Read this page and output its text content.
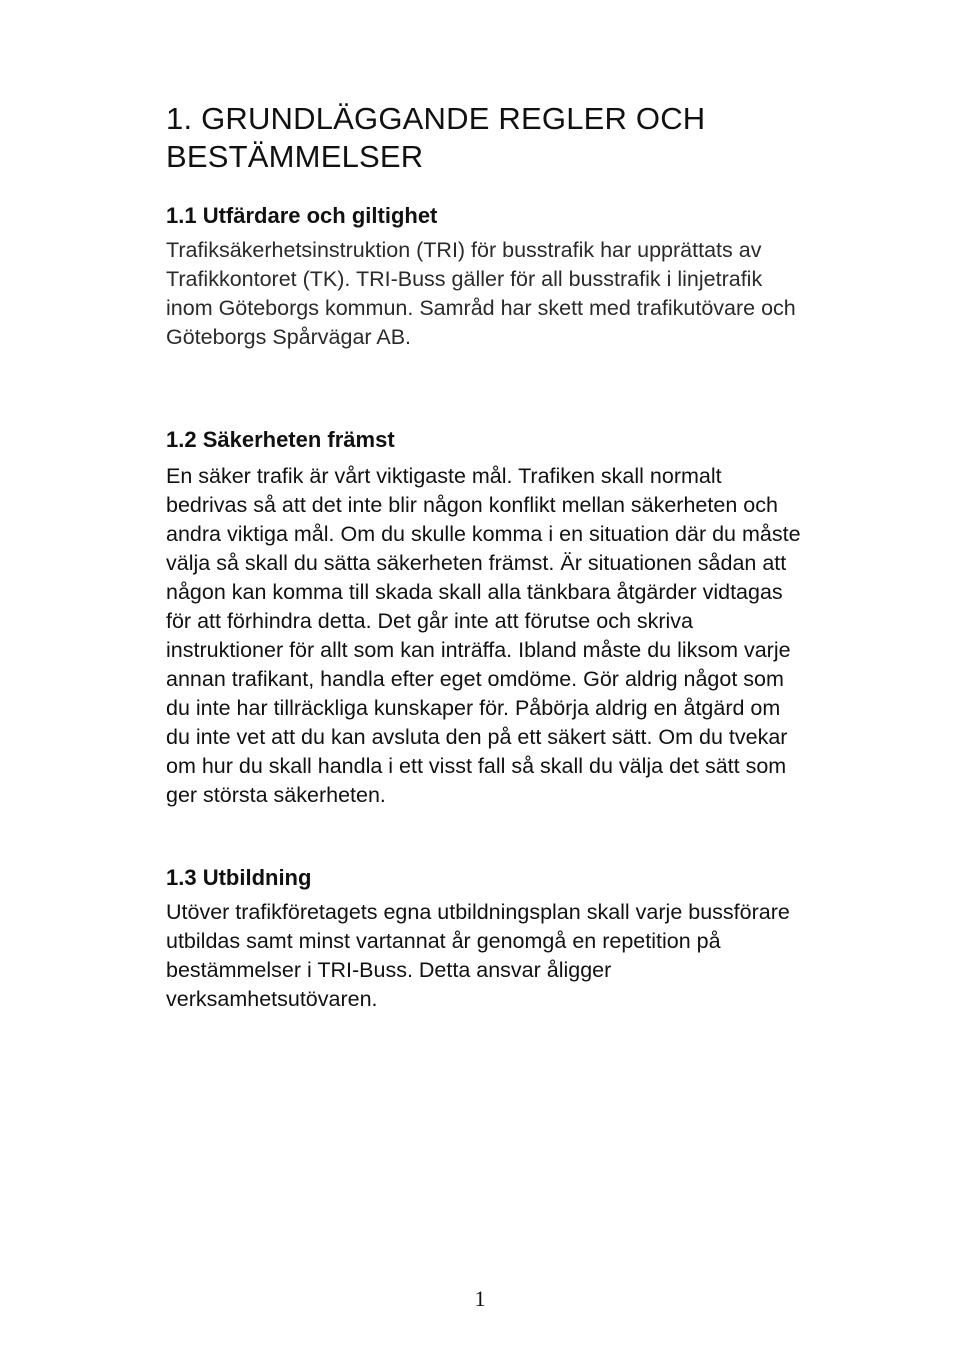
1. GRUNDLÄGGANDE REGLER OCH
BESTÄMMELSER
1.1 Utfärdare och giltighet

Trafiksäkerhetsinstruktion (TRI) för busstrafik har upprättats av Trafikkontoret (TK). TRI-Buss gäller för all busstrafik i linjetrafik inom Göteborgs kommun. Samråd har skett med trafikutövare och Göteborgs Spårvägar AB.

1.2 Säkerheten främst

En säker trafik är vårt viktigaste mål. Trafiken skall normalt bedrivas så att det inte blir någon konflikt mellan säkerheten och andra viktiga mål. Om du skulle komma i en situation där du måste välja så skall du sätta säkerheten främst. Är situationen sådan att någon kan komma till skada skall alla tänkbara åtgärder vidtagas för att förhindra detta. Det går inte att förutse och skriva instruktioner för allt som kan inträffa. Ibland måste du liksom varje annan trafikant, handla efter eget omdöme. Gör aldrig något som du inte har tillräckliga kunskaper för. Påbörja aldrig en åtgärd om du inte vet att du kan avsluta den på ett säkert sätt. Om du tvekar om hur du skall handla i ett visst fall så skall du välja det sätt som ger största säkerheten.

1.3 Utbildning

Utöver trafikföretagets egna utbildningsplan skall varje bussförare utbildas samt minst vartannat år genomgå en repetition på bestämmelser i TRI-Buss. Detta ansvar åligger verksamhetsutövaren.

1
